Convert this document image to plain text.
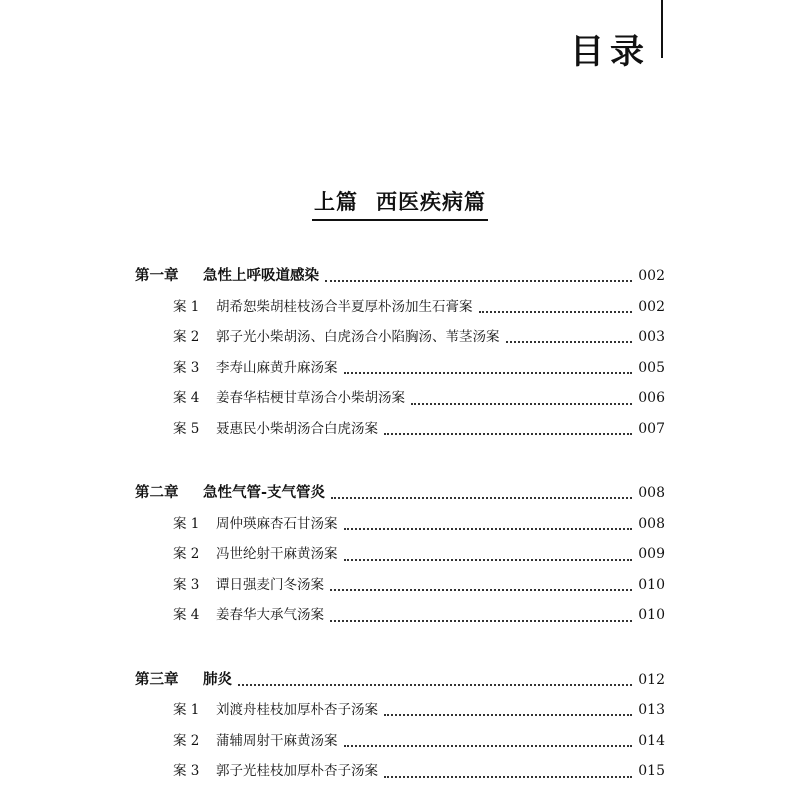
目录
上篇 西医疾病篇
第一章	急性上呼吸道感染	002
案 1	胡希恕柴胡桂枝汤合半夏厚朴汤加生石膏案	002
案 2	郭子光小柴胡汤、白虎汤合小陷胸汤、苇茎汤案	003
案 3	李寿山麻黄升麻汤案	005
案 4	姜春华桔梗甘草汤合小柴胡汤案	006
案 5	聂惠民小柴胡汤合白虎汤案	007
第二章	急性气管-支气管炎	008
案 1	周仲瑛麻杏石甘汤案	008
案 2	冯世纶射干麻黄汤案	009
案 3	谭日强麦门冬汤案	010
案 4	姜春华大承气汤案	010
第三章	肺炎	012
案 1	刘渡舟桂枝加厚朴杏子汤案	013
案 2	蒲辅周射干麻黄汤案	014
案 3	郭子光桂枝加厚朴杏子汤案	015
